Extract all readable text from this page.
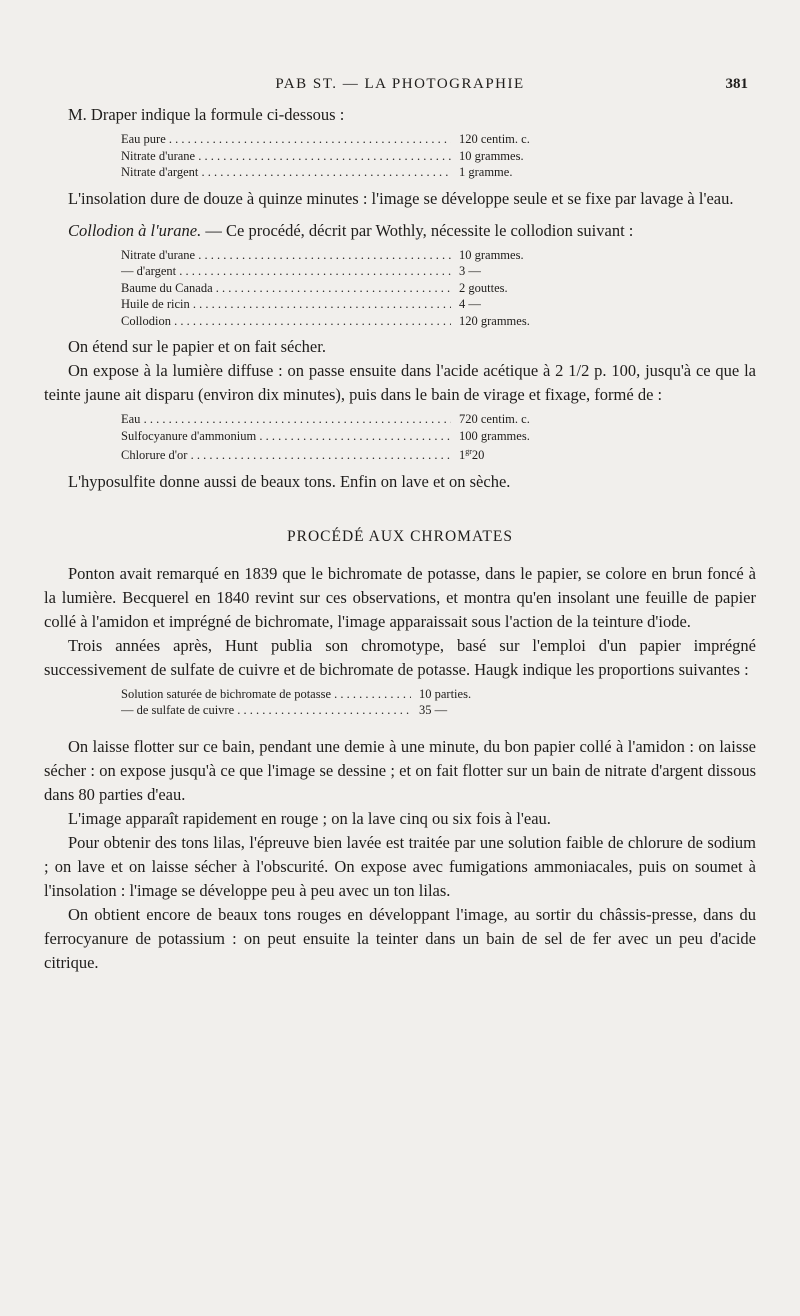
PAB ST. — LA PHOTOGRAPHIE	381

M. Draper indique la formule ci-dessous :

Eau pure . . .	120 centim. c.
Nitrate d'urane . . .	10 grammes.
Nitrate d'argent . . .	1 gramme.

L'insolation dure de douze à quinze minutes : l'image se développe seule et se fixe par lavage à l'eau.

Collodion à l'urane. — Ce procédé, décrit par Wothly, nécessite le collodion suivant :

Nitrate d'urane . . .	10 grammes.
— d'argent . . .	3 —
Baume du Canada . . .	2 gouttes.
Huile de ricin . . .	4 —
Collodion . . .	120 grammes.

On étend sur le papier et on fait sécher.

On expose à la lumière diffuse : on passe ensuite dans l'acide acétique à 2 1/2 p. 100, jusqu'à ce que la teinte jaune ait disparu (environ dix minutes), puis dans le bain de virage et fixage, formé de :

Eau . . .	720 centim. c.
Sulfocyanure d'ammonium . . .	100 grammes.
Chlorure d'or . . .	$1^{gr}20$

L'hyposulfite donne aussi de beaux tons. Enfin on lave et on sèche.

PROCÉDÉ AUX CHROMATES

Ponton avait remarqué en 1839 que le bichromate de potasse, dans le papier, se colore en brun foncé à la lumière. Becquerel en 1840 revint sur ces observations, et montra qu'en insolant une feuille de papier collé à l'amidon et imprégné de bichromate, l'image apparaissait sous l'action de la teinture d'iode.

Trois années après, Hunt publia son chromotype, basé sur l'emploi d'un papier imprégné successivement de sulfate de cuivre et de bichromate de potasse. Haugk indique les proportions suivantes :

Solution saturée de bichromate de potasse . . .	10 parties.
— de sulfate de cuivre . . .	35 —

On laisse flotter sur ce bain, pendant une demie à une minute, du bon papier collé à l'amidon : on laisse sécher : on expose jusqu'à ce que l'image se dessine ; et on fait flotter sur un bain de nitrate d'argent dissous dans 80 parties d'eau.

L'image apparaît rapidement en rouge ; on la lave cinq ou six fois à l'eau.

Pour obtenir des tons lilas, l'épreuve bien lavée est traitée par une solution faible de chlorure de sodium ; on lave et on laisse sécher à l'obscurité. On expose avec fumigations ammoniacales, puis on soumet à l'insolation : l'image se développe peu à peu avec un ton lilas.

On obtient encore de beaux tons rouges en développant l'image, au sortir du châssis-presse, dans du ferrocyanure de potassium : on peut ensuite la teinter dans un bain de sel de fer avec un peu d'acide citrique.
